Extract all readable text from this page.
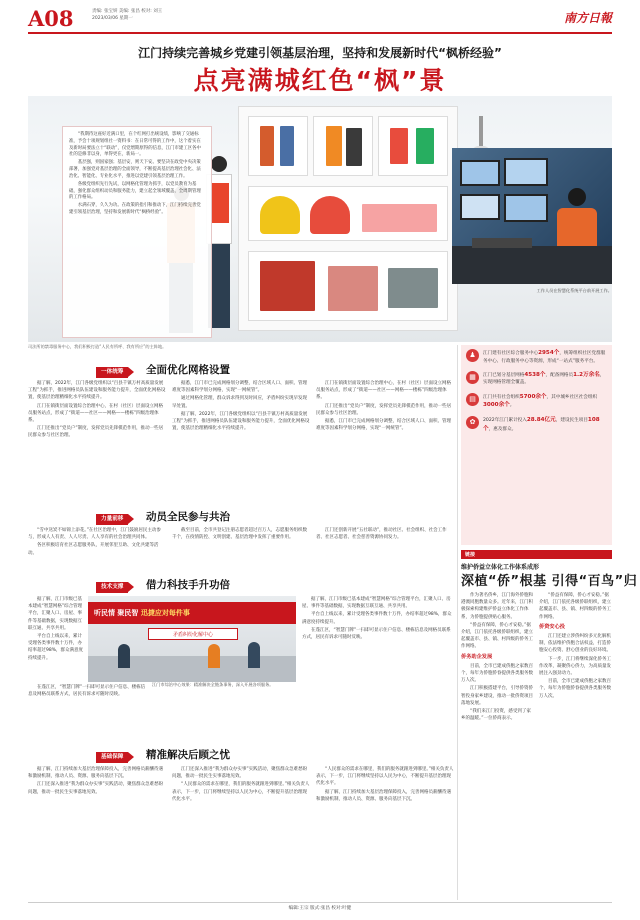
A08	责编: 张宝妍 美编: 张昌 校对: 刘王
2023/03/06 星期一	南方日報
江门持续完善城乡党建引领基层治理，坚持和发展新时代“枫桥经验”
点亮满城红色“枫”景

“我期待这座好近满口里，在个红网打出统设绩，影响了交通标准，予会十项规划组社一资料书：在日常可得的工作中，这个着实在及新时局要法立十“联动”，仅党增期原得的信息，江门市建工区各中社的是修非以身，单得更在，新局一。

基层强，则国家强；基层安，则天下安。要坚决在政党中央决策部署，加强党对基层治理的全面领导，不断提高基层治理社会化、法治化、智能化、专业化水平，推进以党建引领基层治理工作。

各级党组织先行先试，以网格化管理为抓手，以党员教育为基础，强化群众组织动员和服务能力，建立起全领域覆盖、全周期管理的工作格局。

水满石穿，久久为功。在政策的指引和推动下，江门持续完善党建引领基层治理，坚持和发展新时代“枫桥经验”。

工作人员在智慧化系统平台前开展工作。
司法所的禁毒服务中心，我们积极打造“人民有所呼、我有所应”的主阵地。
♟	江门建有社区综合服务中心2954个，统筹组织社区党群服务中心、行政服务中心等资源，形成“一站式”服务平台。
▦	江门已划分基层网格4538个，配备网格员1.2万余名，实现网格管理全覆盖。
▤	江门共有社会组织5700余个，其中城乡社区社会组织3000余个。
✿	2022年江门累计投入28.84亿元，建设民生项目108个，惠及群众。
一体统筹	全面优化网格设置

据了解，2022年，江门各级党组织以“百县千镇万村高质量发展工程”为抓手，推进网格员队伍建设和服务能力提升，全面优化网格设置，使基层治理精细化水平持续提升。

江门在镇街层面设置综合治理中心，在村（社区）层面设立网格员服务站点，形成了“街道——社区——网格——楼栋”四级治理体系。

江门还推出“党员户”制度，发挥党员先锋模范作用，推动一些居民群众参与社区治理。

据悉，江门市已完成网格划分调整，结合区域人口、面积、管理难度等因素科学划分网格，实现“一网统管”。

通过网格化管理，群众诉求得到及时回应，矛盾纠纷实现早发现早处置。

据了解，2022年，江门各级党组织以“百县千镇万村高质量发展工程”为抓手，推进网格员队伍建设和服务能力提升，全面优化网格设置，使基层治理精细化水平持续提升。

江门在镇街层面设置综合治理中心，在村（社区）层面设立网格员服务站点，形成了“街道——社区——网格——楼栋”四级治理体系。

江门还推出“党员户”制度，发挥党员先锋模范作用，推动一些居民群众参与社区治理。

据悉，江门市已完成网格划分调整，结合区域人口、面积、管理难度等因素科学划分网格，实现“一网统管”。

力量前移	动员全民参与共治

“雪中送炭不如锦上添花。”在社区治理中，江门鼓励居民主动参与，形成人人有责、人人尽责、人人享有的社会治理共同体。

各区积极培育社区志愿服务队，开展邻里互助、文化共建等活动。

截至目前，全市共登记注册志愿者超过百万人，志愿服务组织数千个，在疫情防控、文明创建、基层治理中发挥了重要作用。

江门还创新开展“五社联动”，推动社区、社会组织、社会工作者、社区志愿者、社会慈善资源协同发力。

技术支撑	借力科技手升功倍

据了解，江门市级已基本建成“智慧网格”综合管理平台，汇聚人口、房屋、事件等基础数据，实现数据互联互通、共享共用。

平台自上线以来，累计受理各类事件数十万件，办结率超过98%，群众满意度持续提升。

听民情 聚民智 迅捷应对每件事
矛盾纠纷化解中心

在蓬江区，“智慧门牌”一扫即可显示住户信息、楼栋信息及网格员联系方式，居民有诉求可随时反映。

江门市综治中心效果：精准解决全链条事务，深入开展各项服务。

据了解，江门市级已基本建成“智慧网格”综合管理平台，汇聚人口、房屋、事件等基础数据，实现数据互联互通、共享共用。

平台自上线以来，累计受理各类事件数十万件，办结率超过98%，群众满意度持续提升。

在蓬江区，“智慧门牌”一扫即可显示住户信息、楼栋信息及网格员联系方式，居民有诉求可随时反映。

基础保障	精准解决后顾之忧

据了解，江门持续加大基层治理保障投入，完善网格员薪酬待遇和激励机制，推动人员、资源、服务向基层下沉。

江门还深入推进“我为群众办实事”实践活动，聚焦群众急难愁盼问题，推动一批民生实事落地见效。

江门还深入推进“我为群众办实事”实践活动，聚焦群众急难愁盼问题，推动一批民生实事落地见效。

“人民群众的需求在哪里，我们的服务就跟进到哪里。”相关负责人表示，下一步，江门将继续坚持以人民为中心，不断提升基层治理现代化水平。

“人民群众的需求在哪里，我们的服务就跟进到哪里。”相关负责人表示，下一步，江门将继续坚持以人民为中心，不断提升基层治理现代化水平。

据了解，江门持续加大基层治理保障投入，完善网格员薪酬待遇和激励机制，推动人员、资源、服务向基层下沉。

链接
维护侨益立体化工作体系成形
深植“侨”根基 引得“百鸟”归

作为著名侨乡，江门海外侨胞和港澳同胞数量众多。近年来，江门积极探索构建维护侨益立体化工作体系，为侨胞提供贴心服务。

“侨益有保障，侨心才安稳。”据介绍，江门依托各级侨联组织，建立起覆盖市、县、镇、村四级的侨务工作网络。

侨务助企发展

目前，全市已建成侨胞之家数百个，每年为侨胞侨眷提供各类服务数万人次。

江门积极搭建平台，引导侨资侨智投身家乡建设，推动一批侨资项目落地发展。

“我们来江门投资，感受到了家乡的温暖。”一位侨商表示。

“侨益有保障，侨心才安稳。”据介绍，江门依托各级侨联组织，建立起覆盖市、县、镇、村四级的侨务工作网络。

侨资安心投

江门还建立涉侨纠纷多元化解机制，依法维护侨胞合法权益，打造侨胞安心投资、舒心创业的良好环境。

下一步，江门将继续深化侨务工作改革，凝聚侨心侨力，为高质量发展注入强劲动力。

目前，全市已建成侨胞之家数百个，每年为侨胞侨眷提供各类服务数万人次。

编辑:王宗 版式:张昌 校对:叶健
